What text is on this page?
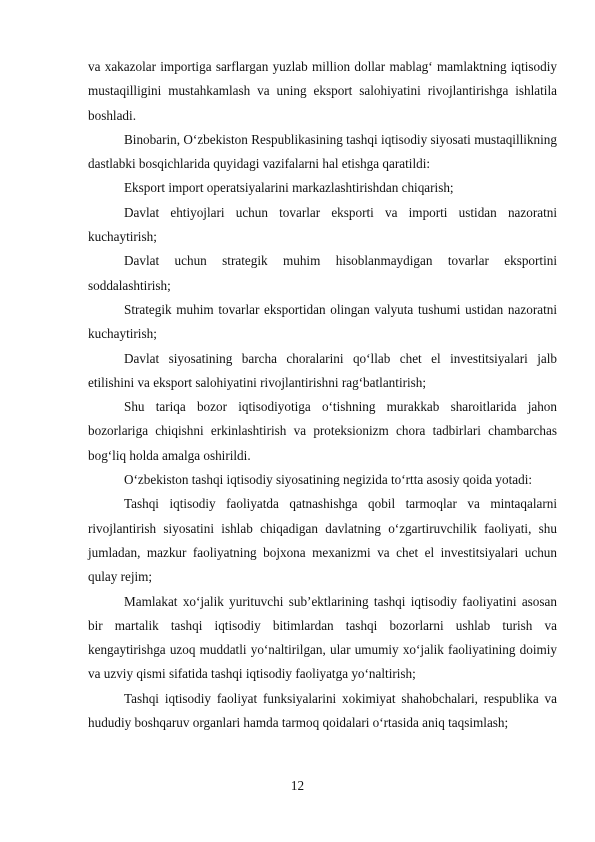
va xakazolar importiga sarflargan yuzlab million dollar mablag‘ mamlaktning iqtisodiy mustaqilligini mustahkamlash va uning eksport salohiyatini rivojlantirishga ishlatila boshladi.

Binobarin, O‘zbekiston Respublikasining tashqi iqtisodiy siyosati mustaqillikning dastlabki bosqichlarida quyidagi vazifalarni hal etishga qaratildi:

Eksport import operatsiyalarini markazlashtirishdan chiqarish;

Davlat ehtiyojlari uchun tovarlar eksporti va importi ustidan nazoratni kuchaytirish;

Davlat uchun strategik muhim hisoblanmaydigan tovarlar eksportini soddalashtirish;

Strategik muhim tovarlar eksportidan olingan valyuta tushumi ustidan nazoratni kuchaytirish;

Davlat siyosatining barcha choralarini qo‘llab chet el investitsiyalari jalb etilishini va eksport salohiyatini rivojlantirishni rag‘batlantirish;

Shu tariqa bozor iqtisodiyotiga o‘tishning murakkab sharoitlarida jahon bozorlariga chiqishni erkinlashtirish va proteksionizm chora tadbirlari chambarchas bog‘liq holda amalga oshirildi.

O‘zbekiston tashqi iqtisodiy siyosatining negizida to‘rtta asosiy qoida yotadi:

Tashqi iqtisodiy faoliyatda qatnashishga qobil tarmoqlar va mintaqalarni rivojlantirish siyosatini ishlab chiqadigan davlatning o‘zgartiruvchilik faoliyati, shu jumladan, mazkur faoliyatning bojxona mexanizmi va chet el investitsiyalari uchun qulay rejim;

Mamlakat xo‘jalik yurituvchi sub’ektlarining tashqi iqtisodiy faoliyatini asosan bir martalik tashqi iqtisodiy bitimlardan tashqi bozorlarni ushlab turish va kengaytirishga uzoq muddatli yo‘naltirilgan, ular umumiy xo‘jalik faoliyatining doimiy va uzviy qismi sifatida tashqi iqtisodiy faoliyatga yo‘naltirish;

Tashqi iqtisodiy faoliyat funksiyalarini xokimiyat shahobchalari, respublika va hududiy boshqaruv organlari hamda tarmoq qoidalari o‘rtasida aniq taqsimlash;

12
